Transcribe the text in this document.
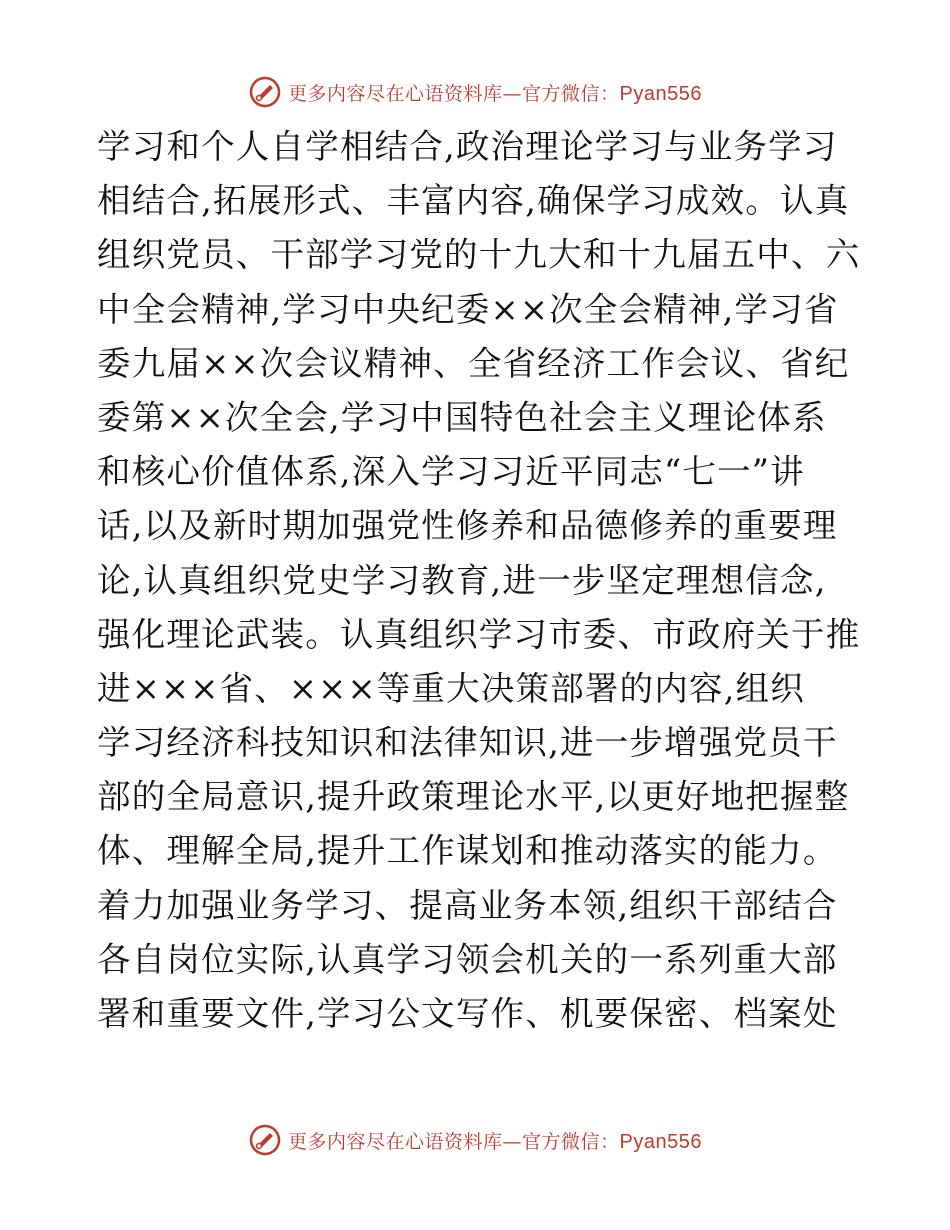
更多内容尽在心语资料库—官方微信：Pyan556
学习和个人自学相结合,政治理论学习与业务学习
相结合,拓展形式、丰富内容,确保学习成效。认真
组织党员、干部学习党的十九大和十九届五中、六
中全会精神,学习中央纪委××次全会精神,学习省
委九届××次会议精神、全省经济工作会议、省纪
委第××次全会,学习中国特色社会主义理论体系
和核心价值体系,深入学习习近平同志“七一”讲
话,以及新时期加强党性修养和品德修养的重要理
论,认真组织党史学习教育,进一步坚定理想信念,
强化理论武装。认真组织学习市委、市政府关于推
进×××省、×××等重大决策部署的内容,组织
学习经济科技知识和法律知识,进一步增强党员干
部的全局意识,提升政策理论水平,以更好地把握整
体、理解全局,提升工作谋划和推动落实的能力。
着力加强业务学习、提高业务本领,组织干部结合
各自岗位实际,认真学习领会机关的一系列重大部
署和重要文件,学习公文写作、机要保密、档案处
更多内容尽在心语资料库—官方微信：Pyan556
